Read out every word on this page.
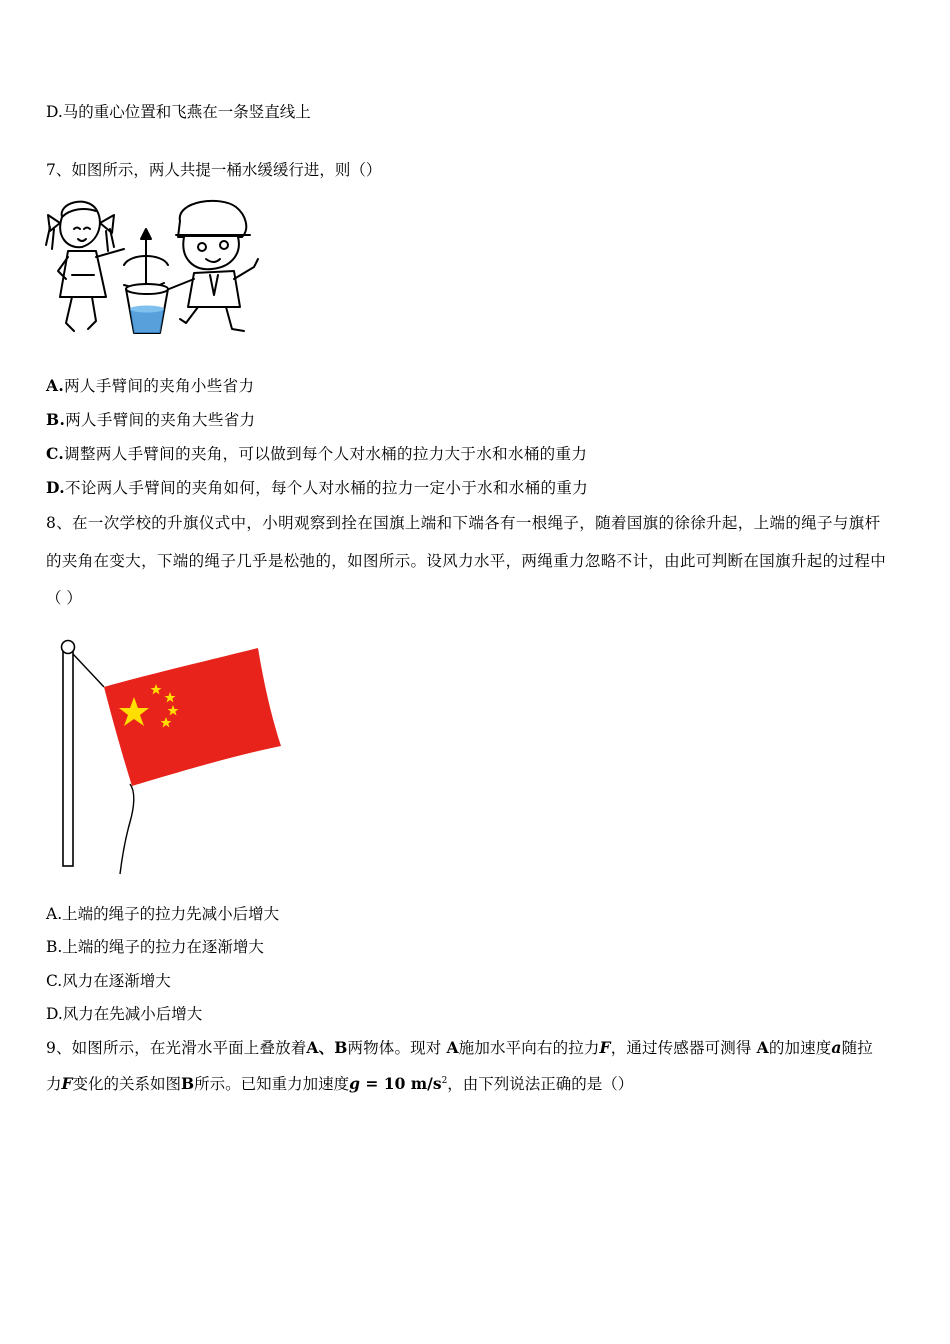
D.马的重心位置和飞燕在一条竖直线上
7、如图所示，两人共提一桶水缓缓行进，则（）
A.两人手臂间的夹角小些省力
B.两人手臂间的夹角大些省力
C.调整两人手臂间的夹角，可以做到每个人对水桶的拉力大于水和水桶的重力
D.不论两人手臂间的夹角如何，每个人对水桶的拉力一定小于水和水桶的重力
8、在一次学校的升旗仪式中，小明观察到拴在国旗上端和下端各有一根绳子，随着国旗的徐徐升起，上端的绳子与旗杆
的夹角在变大，下端的绳子几乎是松弛的，如图所示。设风力水平，两绳重力忽略不计，由此可判断在国旗升起的过程中
（ ）
A.上端的绳子的拉力先减小后增大
B.上端的绳子的拉力在逐渐增大
C.风力在逐渐增大
D.风力在先减小后增大
9、如图所示，在光滑水平面上叠放着A、B两物体。现对 A施加水平向右的拉力F，通过传感器可测得 A的加速度a随拉
力F变化的关系如图B所示。已知重力加速度g = 10 $m/s^2$，由下列说法正确的是（）
